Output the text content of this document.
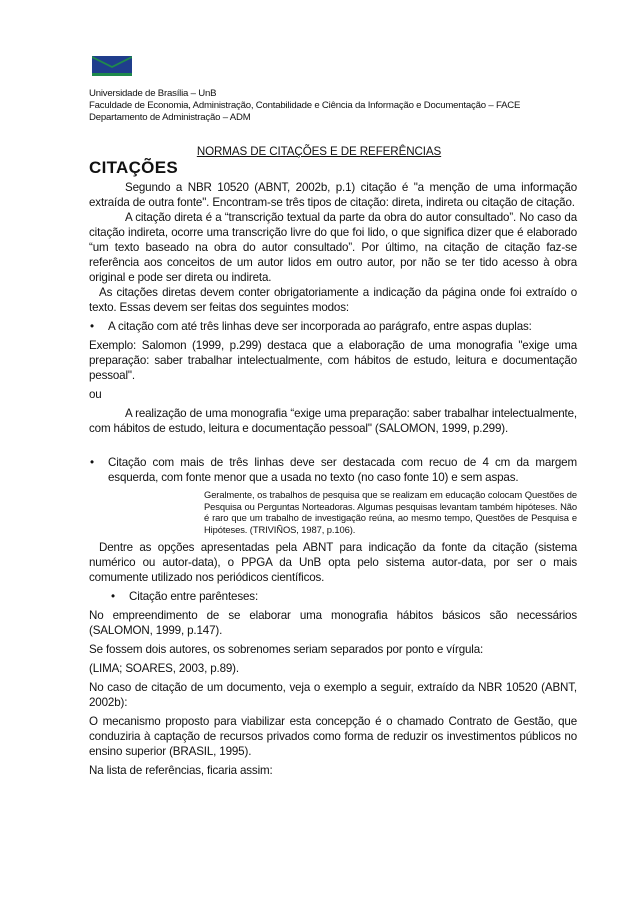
Universidade de Brasília – UnB
Faculdade de Economia, Administração, Contabilidade e Ciência da Informação e Documentação – FACE
Departamento de Administração – ADM
NORMAS DE CITAÇÕES E DE REFERÊNCIAS
CITAÇÕES

Segundo a NBR 10520 (ABNT, 2002b, p.1) citação é "a menção de uma informação extraída de outra fonte". Encontram-se três tipos de citação: direta, indireta ou citação de citação.

A citação direta é a “transcrição textual da parte da obra do autor consultado”. No caso da citação indireta, ocorre uma transcrição livre do que foi lido, o que significa dizer que é elaborado “um texto baseado na obra do autor consultado”. Por último, na citação de citação faz-se referência aos conceitos de um autor lidos em outro autor, por não se ter tido acesso à obra original e pode ser direta ou indireta.

As citações diretas devem conter obrigatoriamente a indicação da página onde foi extraído o texto. Essas devem ser feitas dos seguintes modos:

• A citação com até três linhas deve ser incorporada ao parágrafo, entre aspas duplas:

Exemplo: Salomon (1999, p.299) destaca que a elaboração de uma monografia "exige uma preparação: saber trabalhar intelectualmente, com hábitos de estudo, leitura e documentação pessoal".

ou

A realização de uma monografia “exige uma preparação: saber trabalhar intelectualmente, com hábitos de estudo, leitura e documentação pessoal" (SALOMON, 1999, p.299).

• Citação com mais de três linhas deve ser destacada com recuo de 4 cm da margem esquerda, com fonte menor que a usada no texto (no caso fonte 10) e sem aspas.
Geralmente, os trabalhos de pesquisa que se realizam em educação colocam Questões de Pesquisa ou Perguntas Norteadoras. Algumas pesquisas levantam também hipóteses. Não é raro que um trabalho de investigação reúna, ao mesmo tempo, Questões de Pesquisa e Hipóteses. (TRIVIÑOS, 1987, p.106).

Dentre as opções apresentadas pela ABNT para indicação da fonte da citação (sistema numérico ou autor-data), o PPGA da UnB opta pelo sistema autor-data, por ser o mais comumente utilizado nos periódicos científicos.

• Citação entre parênteses:

No empreendimento de se elaborar uma monografia hábitos básicos são necessários (SALOMON, 1999, p.147).

Se fossem dois autores, os sobrenomes seriam separados por ponto e vírgula:

(LIMA; SOARES, 2003, p.89).

No caso de citação de um documento, veja o exemplo a seguir, extraído da NBR 10520 (ABNT, 2002b):

O mecanismo proposto para viabilizar esta concepção é o chamado Contrato de Gestão, que conduziria à captação de recursos privados como forma de reduzir os investimentos públicos no ensino superior (BRASIL, 1995).

Na lista de referências, ficaria assim:
